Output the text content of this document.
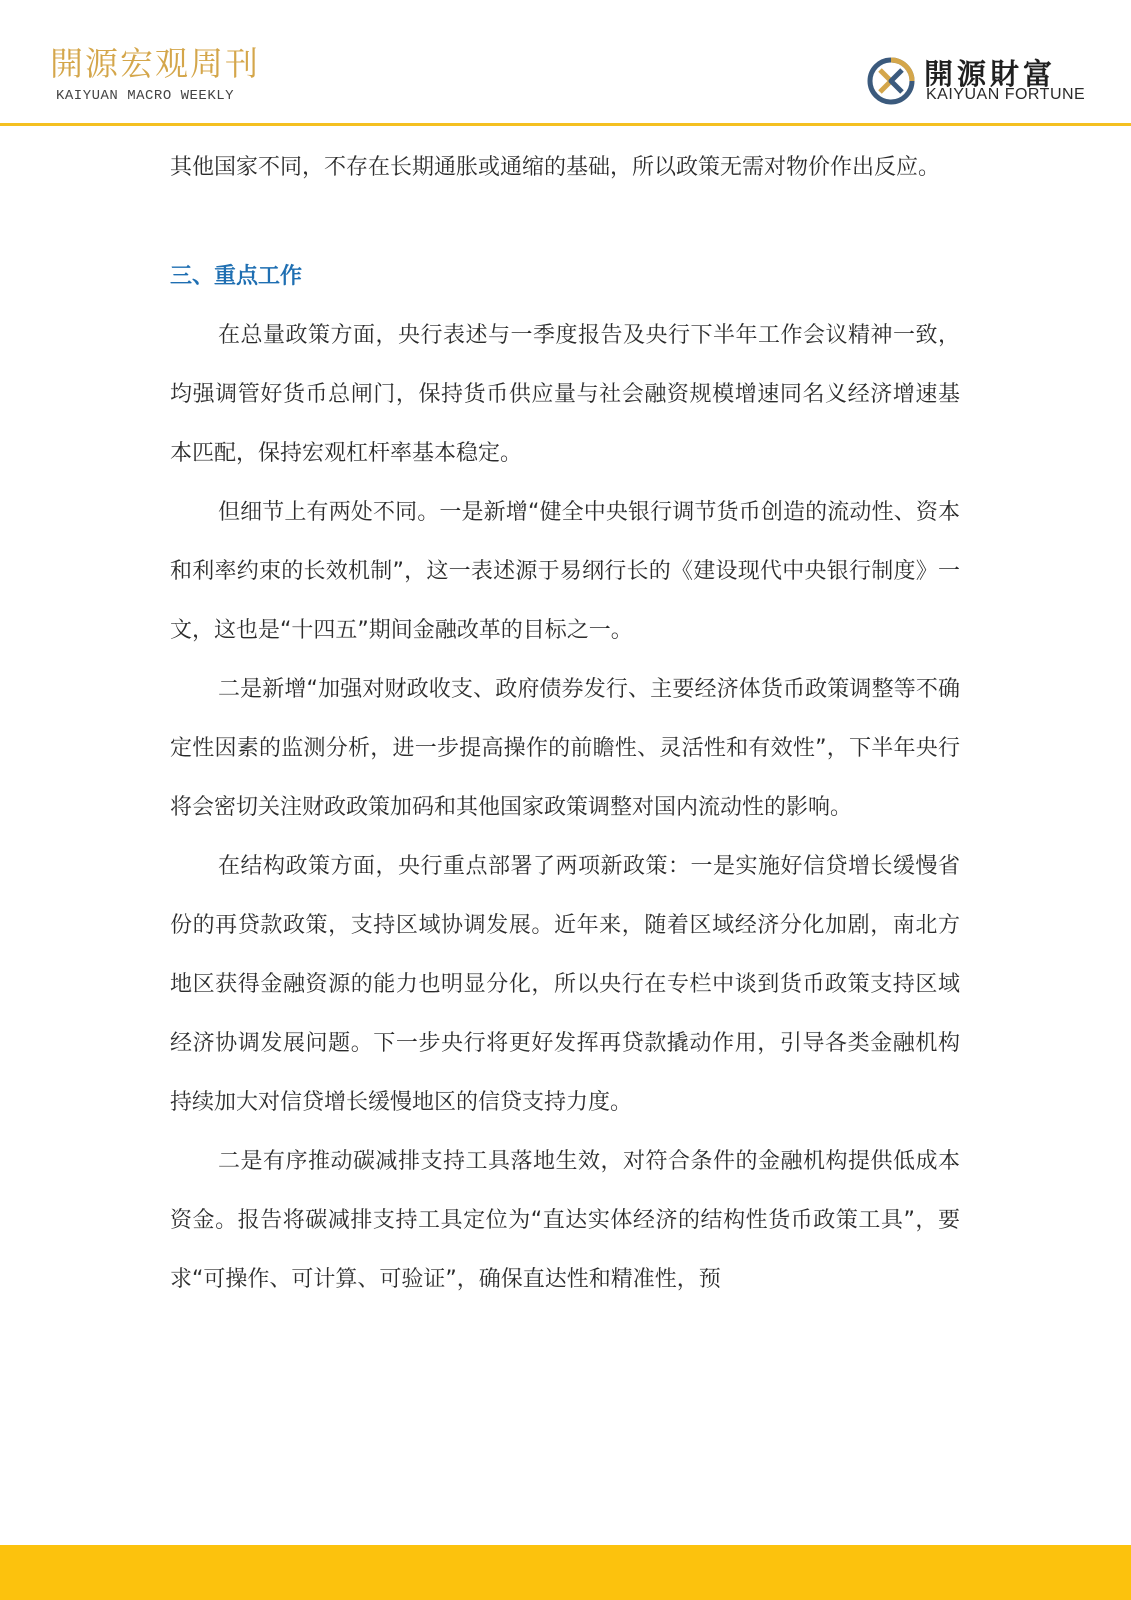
開源宏观周刊
KAIYUAN MACRO WEEKLY
開源財富
KAIYUAN FORTUNE

其他国家不同，不存在长期通胀或通缩的基础，所以政策无需对物价作出反应。

三、重点工作

在总量政策方面，央行表述与一季度报告及央行下半年工作会议精神一致，均强调管好货币总闸门，保持货币供应量与社会融资规模增速同名义经济增速基本匹配，保持宏观杠杆率基本稳定。

但细节上有两处不同。一是新增“健全中央银行调节货币创造的流动性、资本和利率约束的长效机制”，这一表述源于易纲行长的《建设现代中央银行制度》一文，这也是“十四五”期间金融改革的目标之一。

二是新增“加强对财政收支、政府债券发行、主要经济体货币政策调整等不确定性因素的监测分析，进一步提高操作的前瞻性、灵活性和有效性”，下半年央行将会密切关注财政政策加码和其他国家政策调整对国内流动性的影响。

在结构政策方面，央行重点部署了两项新政策：一是实施好信贷增长缓慢省份的再贷款政策，支持区域协调发展。近年来，随着区域经济分化加剧，南北方地区获得金融资源的能力也明显分化，所以央行在专栏中谈到货币政策支持区域经济协调发展问题。下一步央行将更好发挥再贷款撬动作用，引导各类金融机构持续加大对信贷增长缓慢地区的信贷支持力度。

二是有序推动碳减排支持工具落地生效，对符合条件的金融机构提供低成本资金。报告将碳减排支持工具定位为“直达实体经济的结构性货币政策工具”，要求“可操作、可计算、可验证”，确保直达性和精准性，预
